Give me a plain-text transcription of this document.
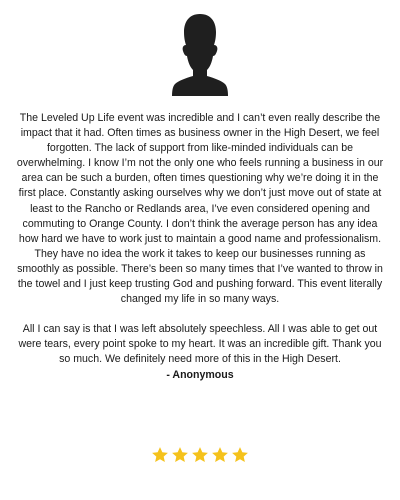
The Leveled Up Life event was incredible and I can’t even really describe the impact that it had. Often times as business owner in the High Desert, we feel forgotten. The lack of support from like-minded individuals can be overwhelming. I know I’m not the only one who feels running a business in our area can be such a burden, often times questioning why we’re doing it in the first place. Constantly asking ourselves why we don’t just move out of state at least to the Rancho or Redlands area, I’ve even considered opening and commuting to Orange County. I don’t think the average person has any idea how hard we have to work just to maintain a good name and professionalism. They have no idea the work it takes to keep our businesses running as smoothly as possible. There’s been so many times that I’ve wanted to throw in the towel and I just keep trusting God and pushing forward. This event literally changed my life in so many ways.

All I can say is that I was left absolutely speechless. All I was able to get out were tears, every point spoke to my heart. It was an incredible gift. Thank you so much. We definitely need more of this in the High Desert.
- Anonymous
